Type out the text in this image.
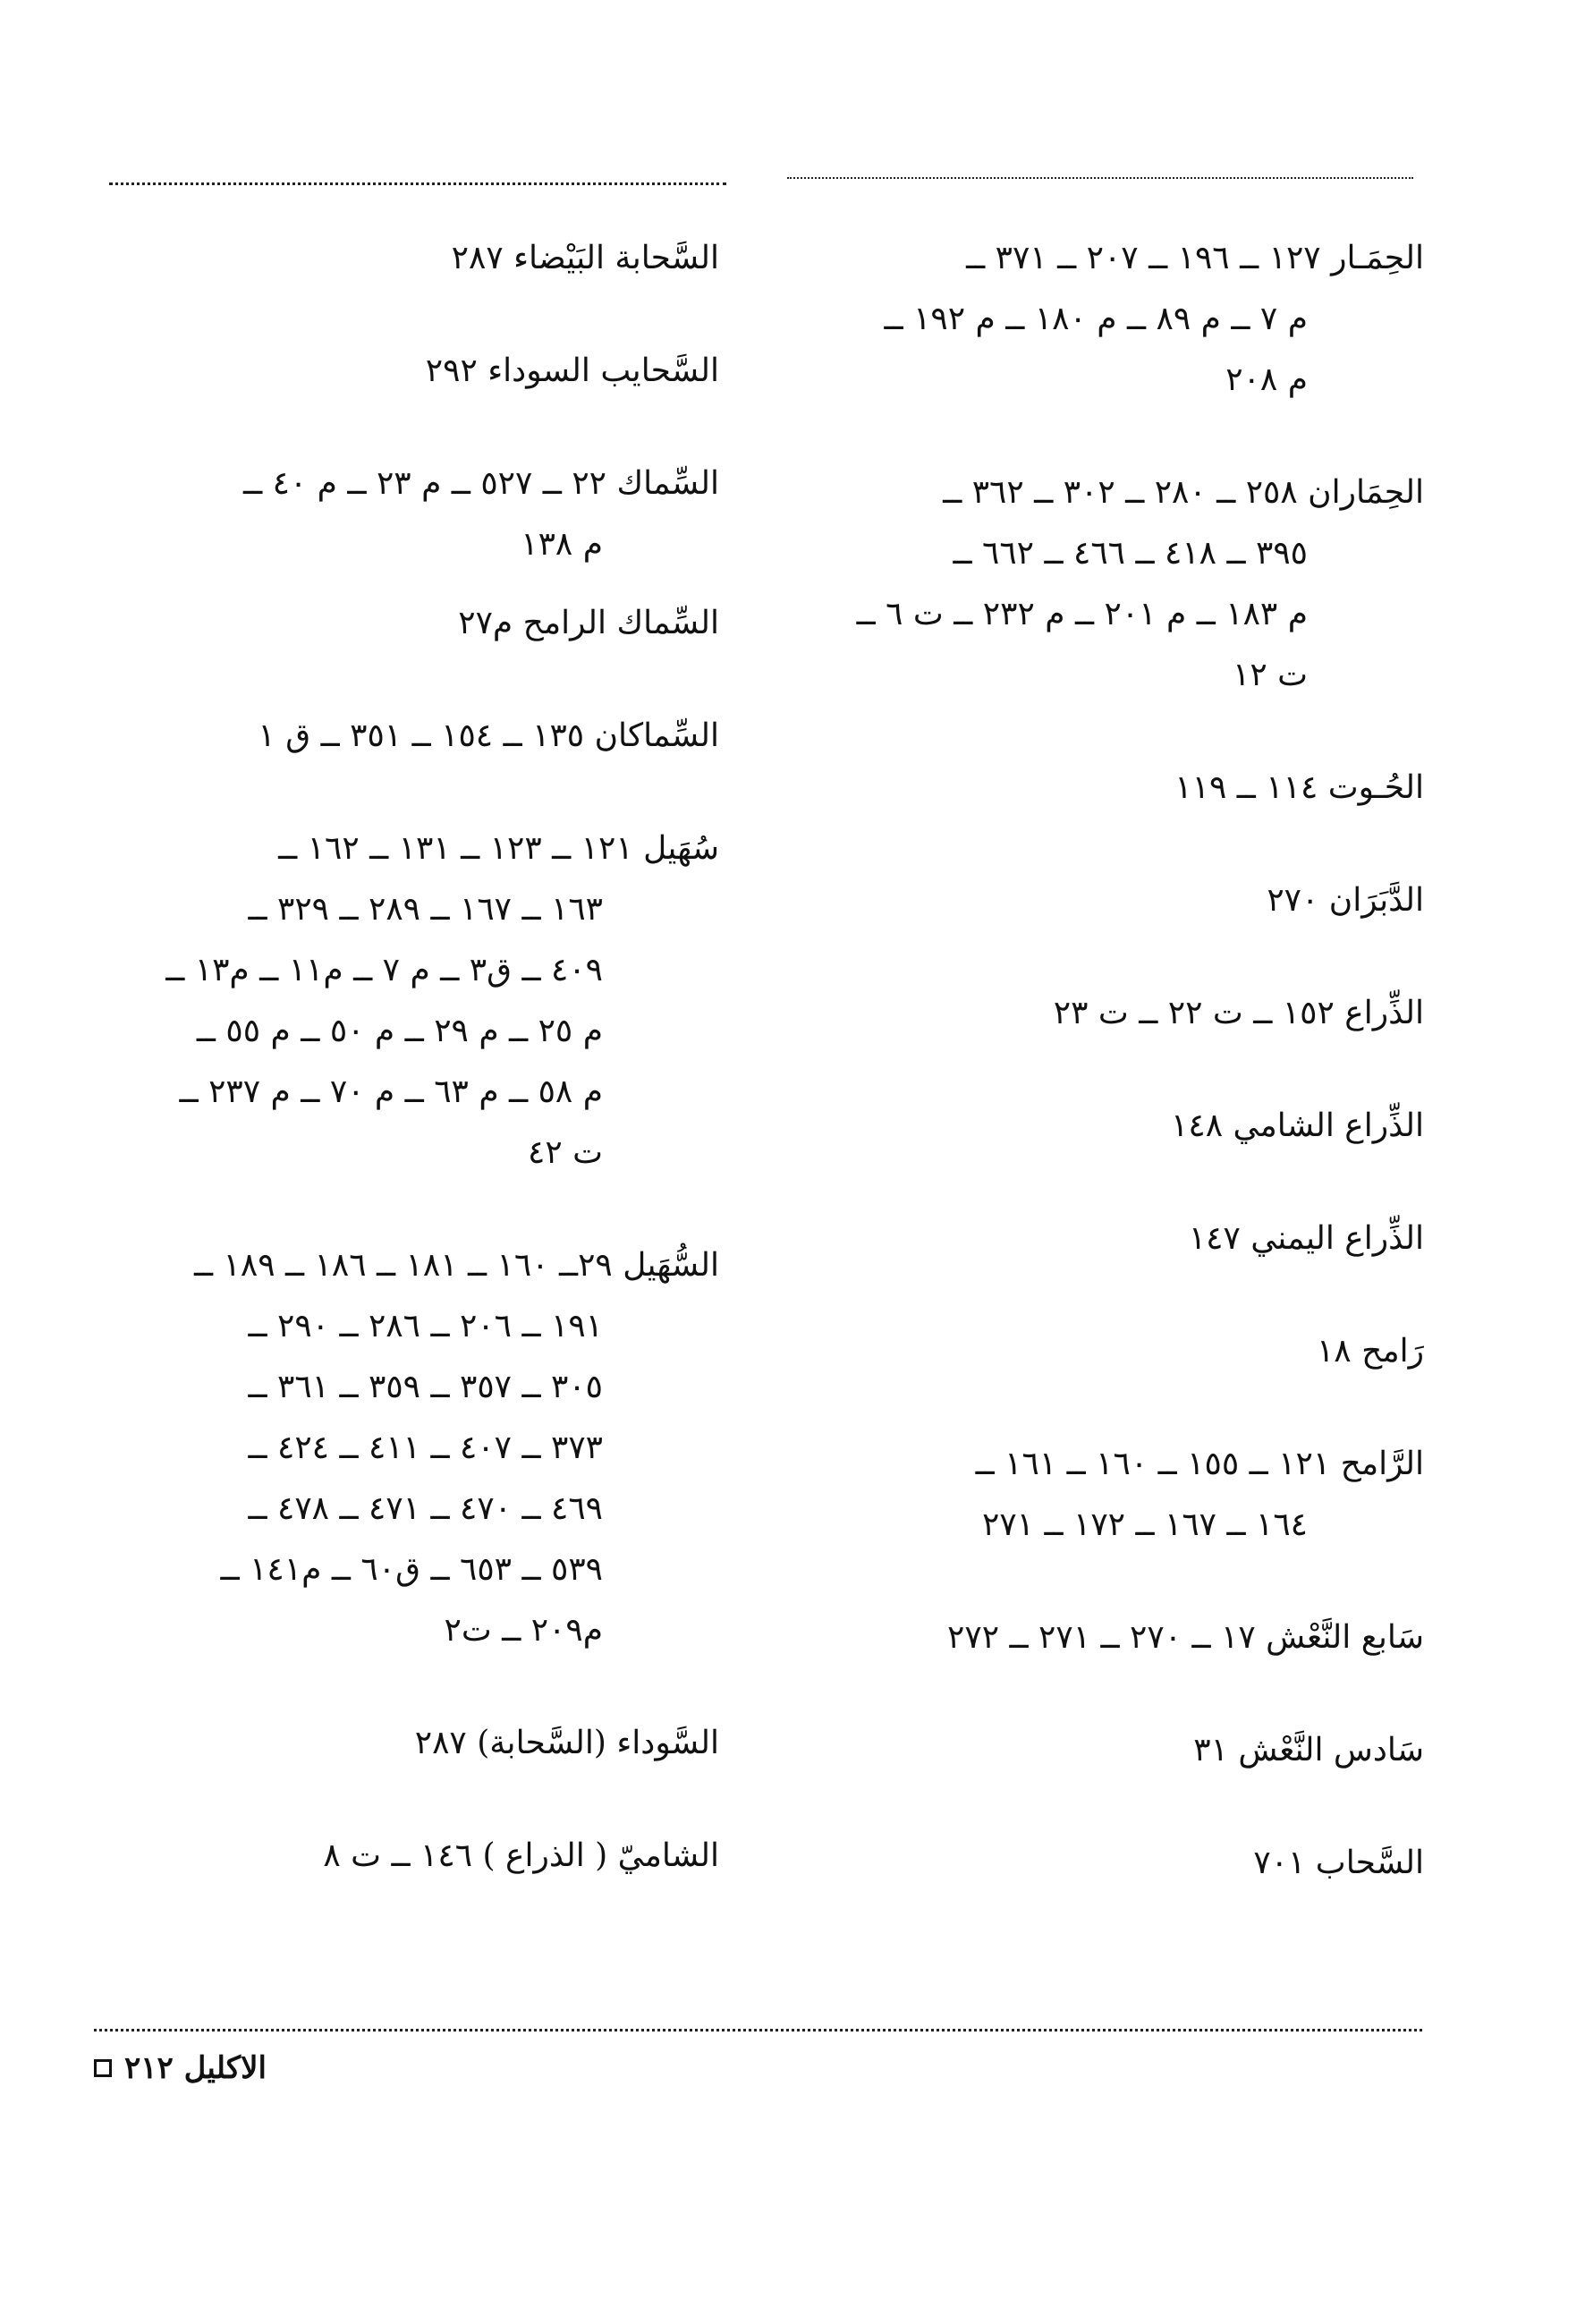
الحِمَـار ١٢٧ ــ ١٩٦ ــ ٢٠٧ ــ ٣٧١ ــ
م ٧ ــ م ٨٩ ــ م ١٨٠ ــ م ١٩٢ ــ
م ٢٠٨
الحِمَاران ٢٥٨ ــ ٢٨٠ ــ ٣٠٢ ــ ٣٦٢ ــ
٣٩٥ ــ ٤١٨ ــ ٤٦٦ ــ ٦٦٢ ــ
م ١٨٣ ــ م ٢٠١ ــ م ٢٣٢ ــ ت ٦ ــ
ت ١٢
الحُـوت ١١٤ ــ ١١٩
الدَّبَرَان ٢٧٠
الذِّراع ١٥٢ ــ ت ٢٢ ــ ت ٢٣
الذِّراع الشامي ١٤٨
الذِّراع اليمني ١٤٧
رَامح ١٨
الرَّامح ١٢١ ــ ١٥٥ ــ ١٦٠ ــ ١٦١ ــ
١٦٤ ــ ١٦٧ ــ ١٧٢ ــ ٢٧١
سَابع النَّعْش ١٧ ــ ٢٧٠ ــ ٢٧١ ــ ٢٧٢
سَادس النَّعْش ٣١
السَّحاب ٧٠١
السَّحابة البَيْضاء ٢٨٧
السَّحايب السوداء ٢٩٢
السِّماك ٢٢ ــ ٥٢٧ ــ م ٢٣ ــ م ٤٠ ــ
م ١٣٨
السِّماك الرامح م٢٧
السِّماكان ١٣٥ ــ ١٥٤ ــ ٣٥١ ــ ق ١
سُهَيل ١٢١ ــ ١٢٣ ــ ١٣١ ــ ١٦٢ ــ
١٦٣ ــ ١٦٧ ــ ٢٨٩ ــ ٣٢٩ ــ
٤٠٩ ــ ق٣ ــ م ٧ ــ م١١ ــ م١٣ ــ
م ٢٥ ــ م ٢٩ ــ م ٥٠ ــ م ٥٥ ــ
م ٥٨ ــ م ٦٣ ــ م ٧٠ ــ م ٢٣٧ ــ
ت ٤٢
السُّهَيل ٢٩ــ ١٦٠ ــ ١٨١ ــ ١٨٦ ــ ١٨٩ ــ
١٩١ ــ ٢٠٦ ــ ٢٨٦ ــ ٢٩٠ ــ
٣٠٥ ــ ٣٥٧ ــ ٣٥٩ ــ ٣٦١ ــ
٣٧٣ ــ ٤٠٧ ــ ٤١١ ــ ٤٢٤ ــ
٤٦٩ ــ ٤٧٠ ــ ٤٧١ ــ ٤٧٨ ــ
٥٣٩ ــ ٦٥٣ ــ ق٦٠ ــ م١٤١ ــ
م٢٠٩ ــ ت٢
السَّوداء (السَّحابة) ٢٨٧
الشاميّ ( الذراع ) ١٤٦ ــ ت ٨
الاكليل ٢١٢
